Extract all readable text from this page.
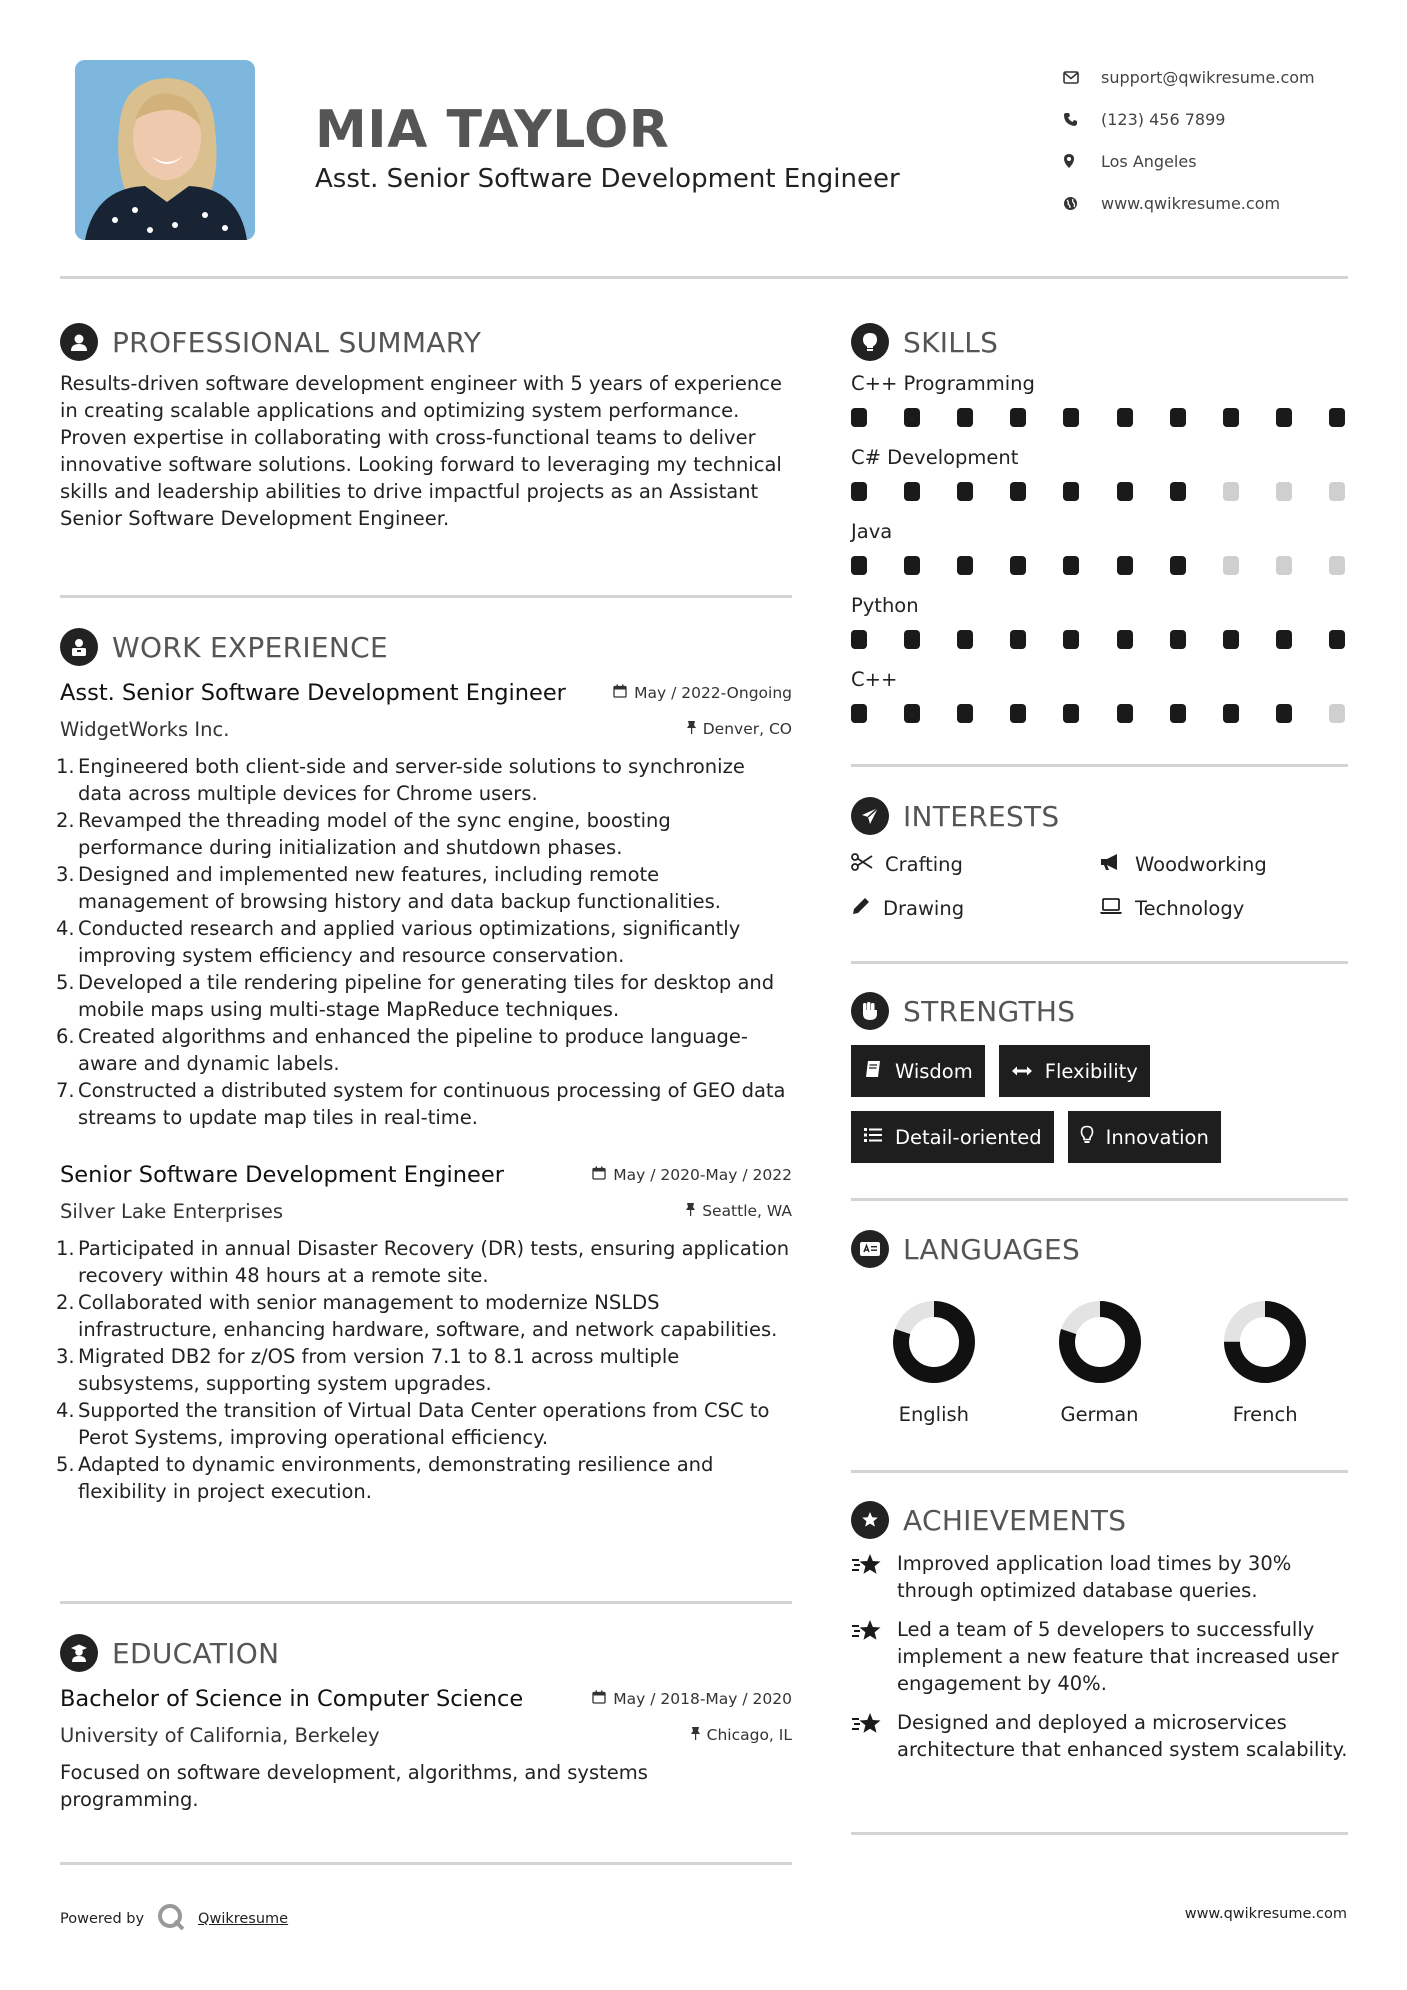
MIA TAYLOR
Asst. Senior Software Development Engineer
support@qwikresume.com
(123) 456 7899
Los Angeles
www.qwikresume.com
PROFESSIONAL SUMMARY

Results-driven software development engineer with 5 years of experience in creating scalable applications and optimizing system performance. Proven expertise in collaborating with cross-functional teams to deliver innovative software solutions. Looking forward to leveraging my technical skills and leadership abilities to drive impactful projects as an Assistant Senior Software Development Engineer.

WORK EXPERIENCE
Asst. Senior Software Development Engineer	May / 2022-Ongoing
WidgetWorks Inc.	Denver, CO
1. Engineered both client-side and server-side solutions to synchronize data across multiple devices for Chrome users.
2. Revamped the threading model of the sync engine, boosting performance during initialization and shutdown phases.
3. Designed and implemented new features, including remote management of browsing history and data backup functionalities.
4. Conducted research and applied various optimizations, significantly improving system efficiency and resource conservation.
5. Developed a tile rendering pipeline for generating tiles for desktop and mobile maps using multi-stage MapReduce techniques.
6. Created algorithms and enhanced the pipeline to produce language-aware and dynamic labels.
7. Constructed a distributed system for continuous processing of GEO data streams to update map tiles in real-time.
Senior Software Development Engineer	May / 2020-May / 2022
Silver Lake Enterprises	Seattle, WA
1. Participated in annual Disaster Recovery (DR) tests, ensuring application recovery within 48 hours at a remote site.
2. Collaborated with senior management to modernize NSLDS infrastructure, enhancing hardware, software, and network capabilities.
3. Migrated DB2 for z/OS from version 7.1 to 8.1 across multiple subsystems, supporting system upgrades.
4. Supported the transition of Virtual Data Center operations from CSC to Perot Systems, improving operational efficiency.
5. Adapted to dynamic environments, demonstrating resilience and flexibility in project execution.
EDUCATION
Bachelor of Science in Computer Science	May / 2018-May / 2020
University of California, Berkeley	Chicago, IL

Focused on software development, algorithms, and systems programming.

SKILLS
C++ Programming
C# Development
Java
Python
C++
INTERESTS
Crafting	Woodworking
Drawing	Technology
STRENGTHS
Wisdom	Flexibility
Detail-oriented	Innovation
LANGUAGES
English	German	French
ACHIEVEMENTS
Improved application load times by 30% through optimized database queries.
Led a team of 5 developers to successfully implement a new feature that increased user engagement by 40%.
Designed and deployed a microservices architecture that enhanced system scalability.
Powered by	Qwikresume	www.qwikresume.com
